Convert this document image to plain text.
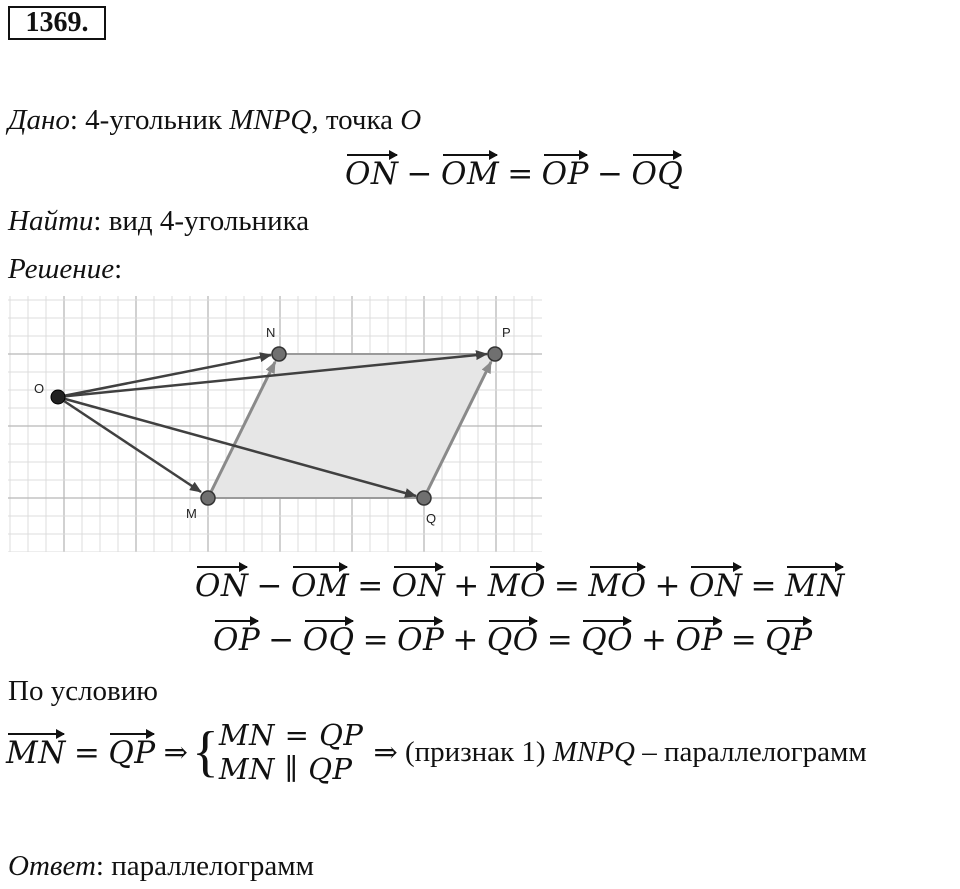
1369.
Дано: 4-угольник MNPQ, точка O
ON − OM = OP − OQ
Найти: вид 4-угольника
Решение:
O
N	P
M	Q
ON − OM = ON + MO = MO + ON = MN
OP − OQ = OP + QO = QO + OP = QP
По условию
MN = QP ⇒ { MN = QP
MN ∥ QP ⇒ (признак 1) MNPQ – параллелограмм
Ответ: параллелограмм
